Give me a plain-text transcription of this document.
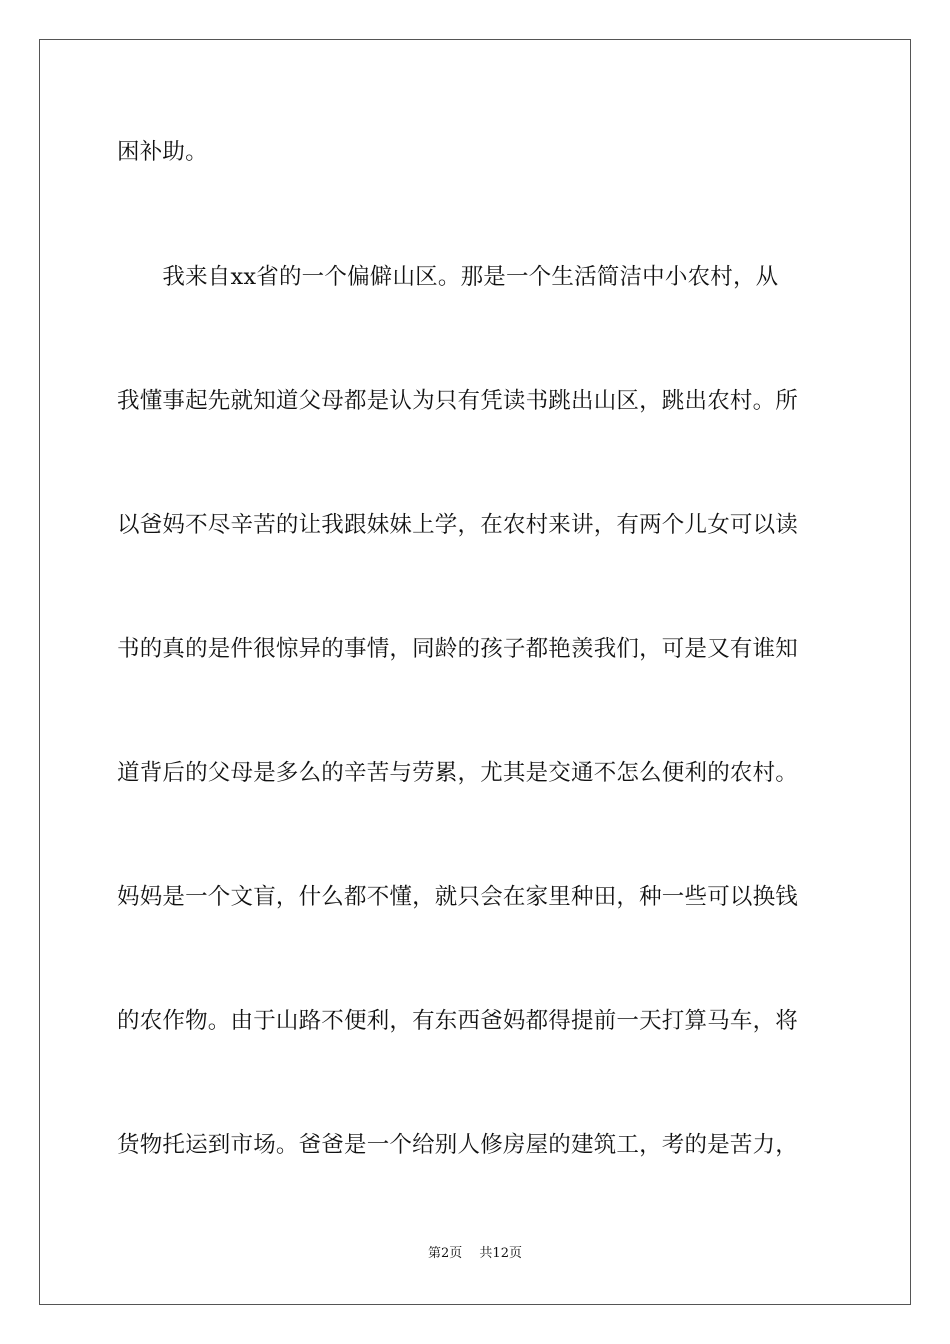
困补助。
　　我来自xx省的一个偏僻山区。那是一个生活简洁中小农村，从
我懂事起先就知道父母都是认为只有凭读书跳出山区，跳出农村。所
以爸妈不尽辛苦的让我跟妹妹上学，在农村来讲，有两个儿女可以读
书的真的是件很惊异的事情，同龄的孩子都艳羡我们，可是又有谁知
道背后的父母是多么的辛苦与劳累，尤其是交通不怎么便利的农村。
妈妈是一个文盲，什么都不懂，就只会在家里种田，种一些可以换钱
的农作物。由于山路不便利，有东西爸妈都得提前一天打算马车，将
货物托运到市场。爸爸是一个给别人修房屋的建筑工，考的是苦力，
第2页　 共12页
